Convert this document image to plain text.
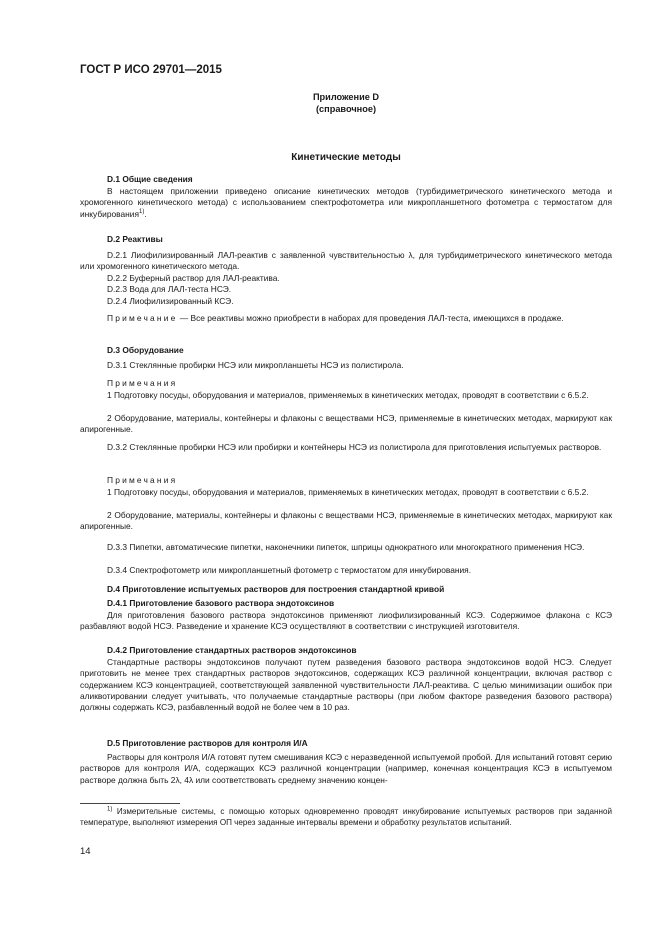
ГОСТ Р ИСО 29701—2015
Приложение D
(справочное)
Кинетические методы
D.1 Общие сведения
В настоящем приложении приведено описание кинетических методов (турбидиметрического кинетического метода и хромогенного кинетического метода) с использованием спектрофотометра или микропланшетного фотометра с термостатом для инкубирования$^{1)}$.
D.2 Реактивы
D.2.1 Лиофилизированный ЛАЛ-реактив с заявленной чувствительностью λ, для турбидиметрического кинетического метода или хромогенного кинетического метода.
D.2.2 Буферный раствор для ЛАЛ-реактива.
D.2.3 Вода для ЛАЛ-теста НСЭ.
D.2.4 Лиофилизированный КСЭ.
Примечание — Все реактивы можно приобрести в наборах для проведения ЛАЛ-теста, имеющихся в продаже.
D.3 Оборудование
D.3.1 Стеклянные пробирки НСЭ или микропланшеты НСЭ из полистирола.
Примечания
1 Подготовку посуды, оборудования и материалов, применяемых в кинетических методах, проводят в соответствии с 6.5.2.
2 Оборудование, материалы, контейнеры и флаконы с веществами НСЭ, применяемые в кинетических методах, маркируют как апирогенные.
D.3.2 Стеклянные пробирки НСЭ или пробирки и контейнеры НСЭ из полистирола для приготовления испытуемых растворов.
Примечания
1 Подготовку посуды, оборудования и материалов, применяемых в кинетических методах, проводят в соответствии с 6.5.2.
2 Оборудование, материалы, контейнеры и флаконы с веществами НСЭ, применяемые в кинетических методах, маркируют как апирогенные.
D.3.3 Пипетки, автоматические пипетки, наконечники пипеток, шприцы однократного или многократного применения НСЭ.
D.3.4 Спектрофотометр или микропланшетный фотометр с термостатом для инкубирования.
D.4 Приготовление испытуемых растворов для построения стандартной кривой
D.4.1 Приготовление базового раствора эндотоксинов
Для приготовления базового раствора эндотоксинов применяют лиофилизированный КСЭ. Содержимое флакона с КСЭ разбавляют водой НСЭ. Разведение и хранение КСЭ осуществляют в соответствии с инструкцией изготовителя.
D.4.2 Приготовление стандартных растворов эндотоксинов
Стандартные растворы эндотоксинов получают путем разведения базового раствора эндотоксинов водой НСЭ. Следует приготовить не менее трех стандартных растворов эндотоксинов, содержащих КСЭ различной концентрации, включая раствор с содержанием КСЭ концентрацией, соответствующей заявленной чувствительности ЛАЛ-реактива. С целью минимизации ошибок при аликвотировании следует учитывать, что получаемые стандартные растворы (при любом факторе разведения базового раствора) должны содержать КСЭ, разбавленный водой не более чем в 10 раз.
D.5 Приготовление растворов для контроля И/А
Растворы для контроля И/А готовят путем смешивания КСЭ с неразведенной испытуемой пробой. Для испытаний готовят серию растворов для контроля И/А, содержащих КСЭ различной концентрации (например, конечная концентрация КСЭ в испытуемом растворе должна быть 2λ, 4λ или соответствовать среднему значению концен-
$^{1)}$ Измерительные системы, с помощью которых одновременно проводят инкубирование испытуемых растворов при заданной температуре, выполняют измерения ОП через заданные интервалы времени и обработку результатов испытаний.
14
